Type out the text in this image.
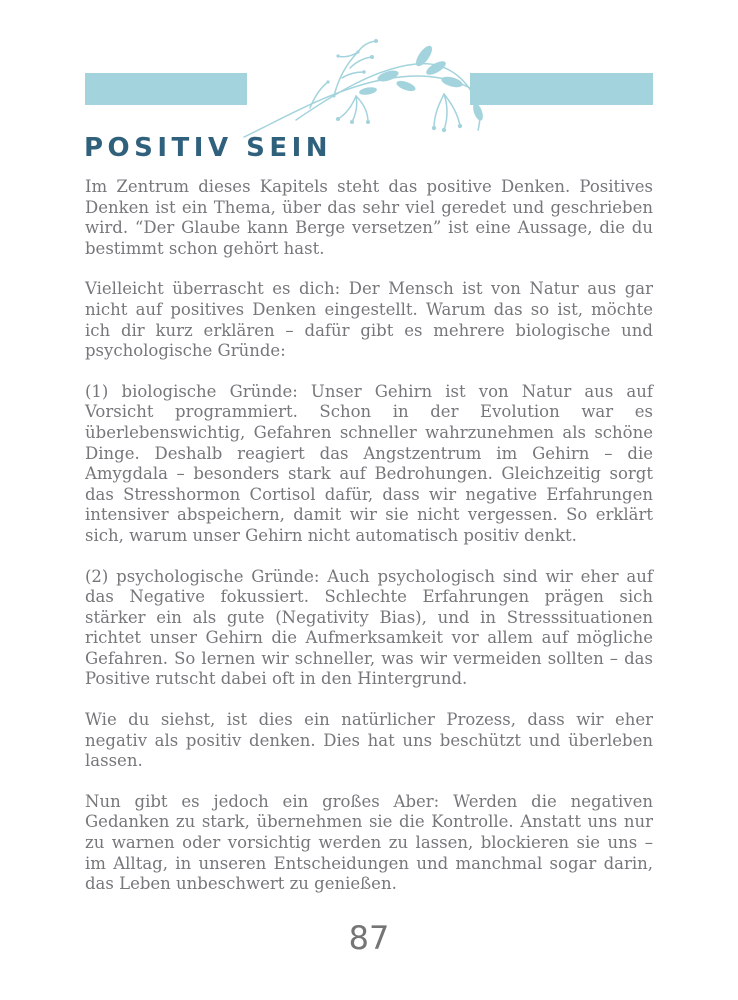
POSITIV SEIN

Im Zentrum dieses Kapitels steht das positive Denken. Positives Denken ist ein Thema, über das sehr viel geredet und geschrieben wird. “Der Glaube kann Berge versetzen” ist eine Aussage, die du bestimmt schon gehört hast.

Vielleicht überrascht es dich: Der Mensch ist von Natur aus gar nicht auf positives Denken eingestellt. Warum das so ist, möchte ich dir kurz erklären – dafür gibt es mehrere biologische und psychologische Gründe:

(1) biologische Gründe: Unser Gehirn ist von Natur aus auf Vorsicht programmiert. Schon in der Evolution war es überlebenswichtig, Gefahren schneller wahrzunehmen als schöne Dinge. Deshalb reagiert das Angstzentrum im Gehirn – die Amygdala – besonders stark auf Bedrohungen. Gleichzeitig sorgt das Stresshormon Cortisol dafür, dass wir negative Erfahrungen intensiver abspeichern, damit wir sie nicht vergessen. So erklärt sich, warum unser Gehirn nicht automatisch positiv denkt.

(2) psychologische Gründe: Auch psychologisch sind wir eher auf das Negative fokussiert. Schlechte Erfahrungen prägen sich stärker ein als gute (Negativity Bias), und in Stresssituationen richtet unser Gehirn die Aufmerksamkeit vor allem auf mögliche Gefahren. So lernen wir schneller, was wir vermeiden sollten – das Positive rutscht dabei oft in den Hintergrund.

Wie du siehst, ist dies ein natürlicher Prozess, dass wir eher negativ als positiv denken. Dies hat uns beschützt und überleben lassen.

Nun gibt es jedoch ein großes Aber: Werden die negativen Gedanken zu stark, übernehmen sie die Kontrolle. Anstatt uns nur zu warnen oder vorsichtig werden zu lassen, blockieren sie uns – im Alltag, in unseren Entscheidungen und manchmal sogar darin, das Leben unbeschwert zu genießen.

87
